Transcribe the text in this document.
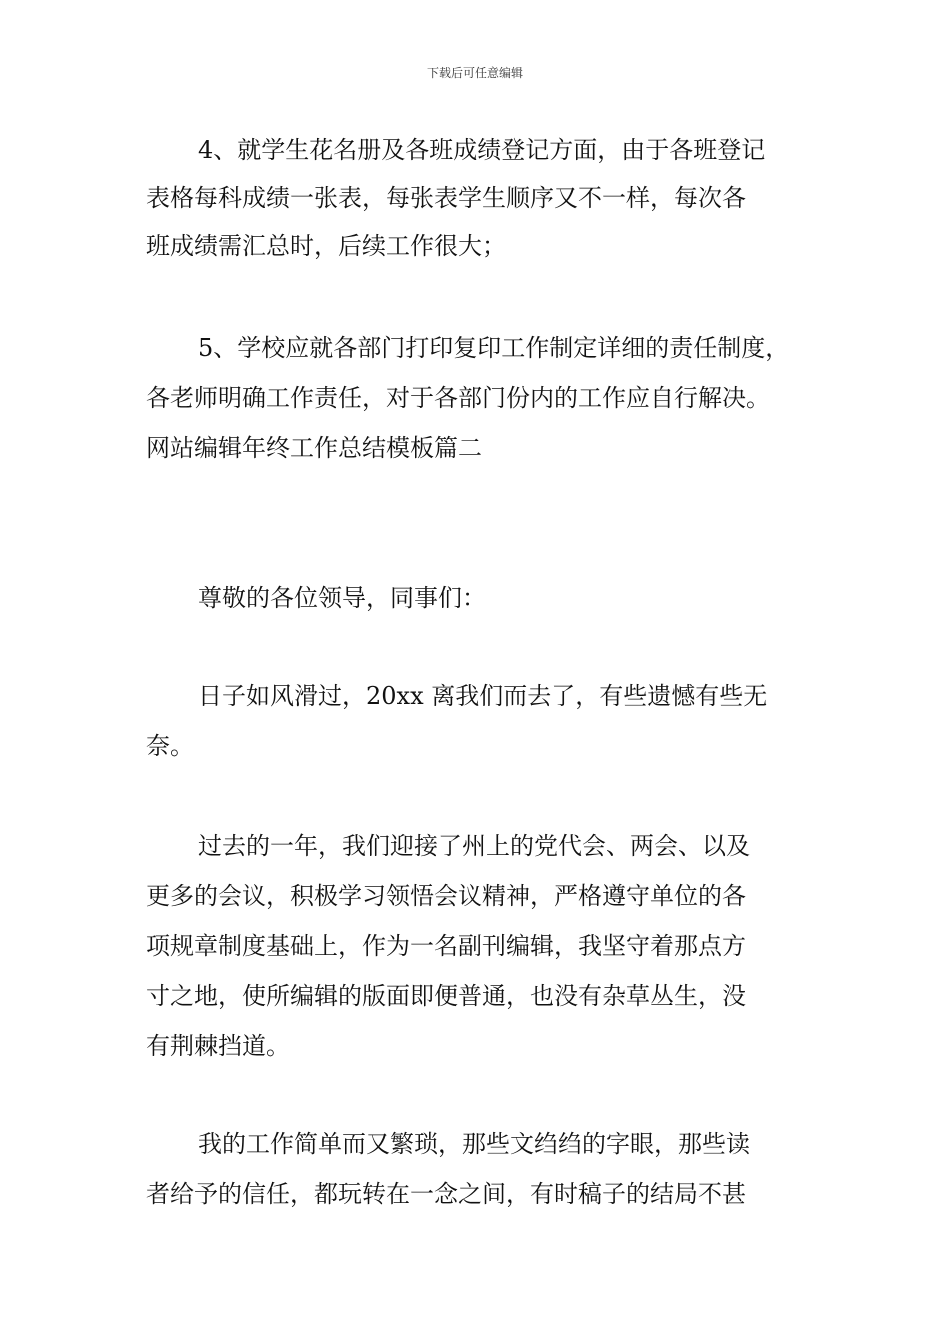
下载后可任意编辑
4、就学生花名册及各班成绩登记方面，由于各班登记
表格每科成绩一张表，每张表学生顺序又不一样，每次各
班成绩需汇总时，后续工作很大；
5、学校应就各部门打印复印工作制定详细的责任制度，
各老师明确工作责任，对于各部门份内的工作应自行解决。
网站编辑年终工作总结模板篇二
尊敬的各位领导，同事们：
日子如风滑过，20xx 离我们而去了，有些遗憾有些无
奈。
过去的一年，我们迎接了州上的党代会、两会、以及
更多的会议，积极学习领悟会议精神，严格遵守单位的各
项规章制度基础上，作为一名副刊编辑，我坚守着那点方
寸之地，使所编辑的版面即便普通，也没有杂草丛生，没
有荆棘挡道。
我的工作简单而又繁琐，那些文绉绉的字眼，那些读
者给予的信任，都玩转在一念之间，有时稿子的结局不甚
